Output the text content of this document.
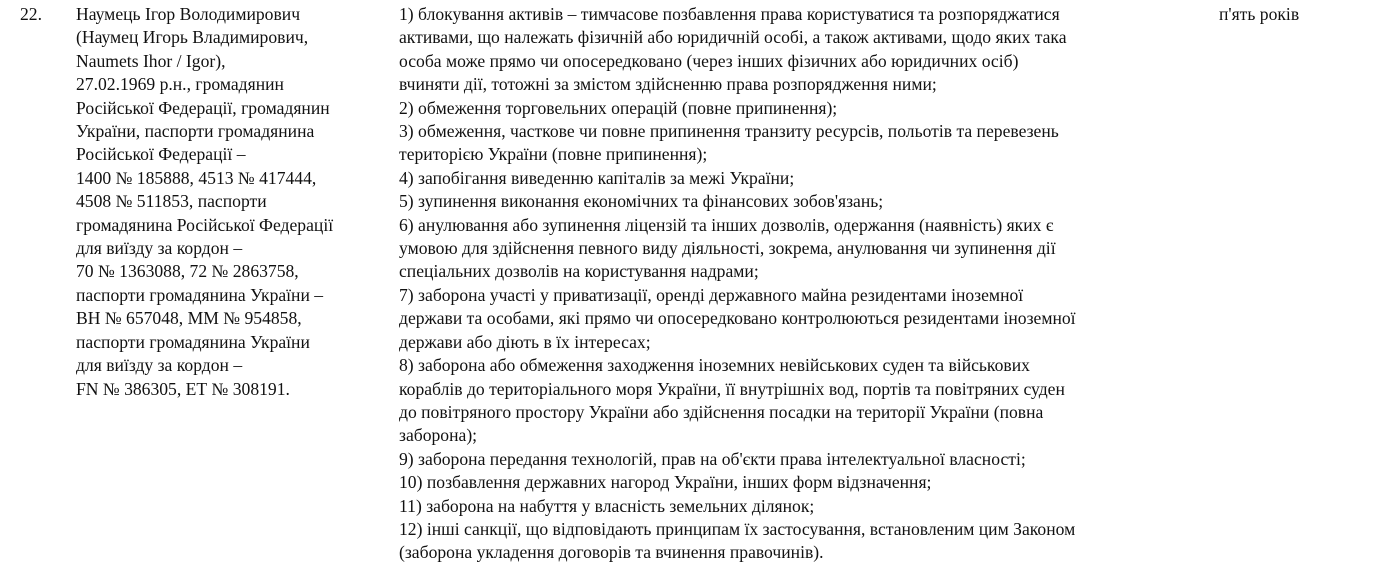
22.	Наумець Ігор Володимирович
(Наумец Игорь Владимирович,
Naumets Ihor / Igor),
27.02.1969 р.н., громадянин
Російської Федерації, громадянин
України, паспорти громадянина
Російської Федерації –
1400 № 185888, 4513 № 417444,
4508 № 511853, паспорти
громадянина Російської Федерації
для виїзду за кордон –
70 № 1363088, 72 № 2863758,
паспорти громадянина України –
ВН № 657048, ММ № 954858,
паспорти громадянина України
для виїзду за кордон –
FN № 386305, ЕТ № 308191.
1) блокування активів – тимчасове позбавлення права користуватися та розпоряджатися
активами, що належать фізичній або юридичній особі, а також активами, щодо яких така
особа може прямо чи опосередковано (через інших фізичних або юридичних осіб)
вчиняти дії, тотожні за змістом здійсненню права розпорядження ними;
2) обмеження торговельних операцій (повне припинення);
3) обмеження, часткове чи повне припинення транзиту ресурсів, польотів та перевезень
територією України (повне припинення);
4) запобігання виведенню капіталів за межі України;
5) зупинення виконання економічних та фінансових зобов'язань;
6) анулювання або зупинення ліцензій та інших дозволів, одержання (наявність) яких є
умовою для здійснення певного виду діяльності, зокрема, анулювання чи зупинення дії
спеціальних дозволів на користування надрами;
7) заборона участі у приватизації, оренді державного майна резидентами іноземної
держави та особами, які прямо чи опосередковано контролюються резидентами іноземної
держави або діють в їх інтересах;
8) заборона або обмеження заходження іноземних невійськових суден та військових
кораблів до територіального моря України, її внутрішніх вод, портів та повітряних суден
до повітряного простору України або здійснення посадки на території України (повна
заборона);
9) заборона передання технологій, прав на об'єкти права інтелектуальної власності;
10) позбавлення державних нагород України, інших форм відзначення;
11) заборона на набуття у власність земельних ділянок;
12) інші санкції, що відповідають принципам їх застосування, встановленим цим Законом
(заборона укладення договорів та вчинення правочинів).
п'ять років
